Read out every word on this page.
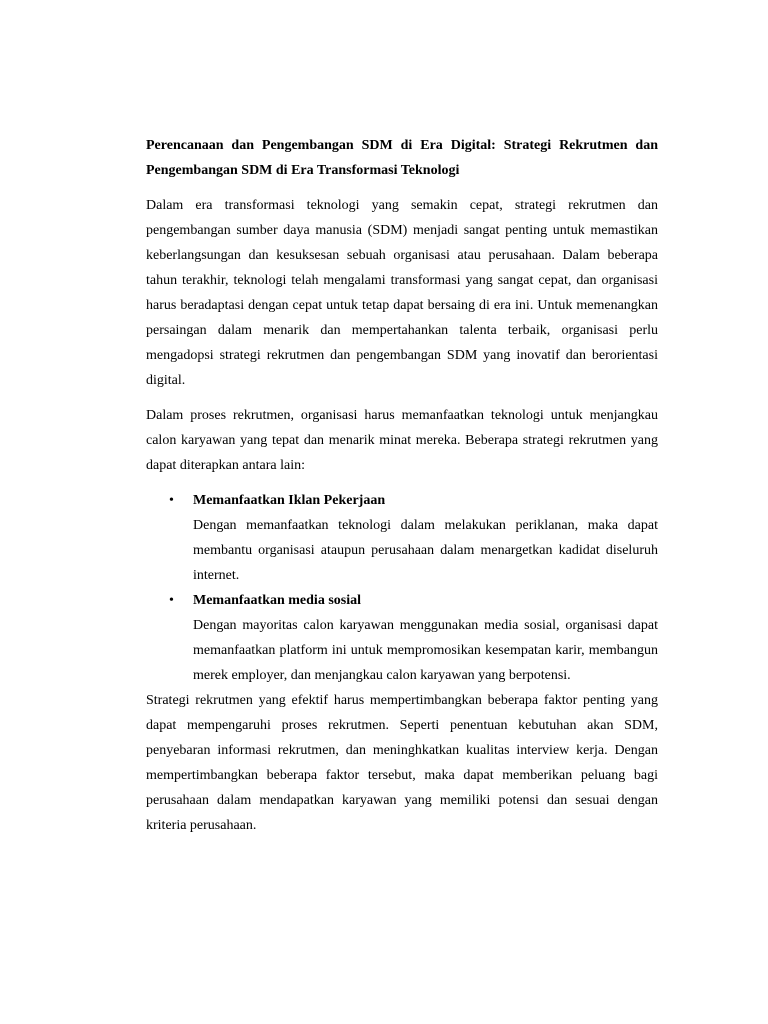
Perencanaan dan Pengembangan SDM di Era Digital: Strategi Rekrutmen dan Pengembangan SDM di Era Transformasi Teknologi

Dalam era transformasi teknologi yang semakin cepat, strategi rekrutmen dan pengembangan sumber daya manusia (SDM) menjadi sangat penting untuk memastikan keberlangsungan dan kesuksesan sebuah organisasi atau perusahaan. Dalam beberapa tahun terakhir, teknologi telah mengalami transformasi yang sangat cepat, dan organisasi harus beradaptasi dengan cepat untuk tetap dapat bersaing di era ini. Untuk memenangkan persaingan dalam menarik dan mempertahankan talenta terbaik, organisasi perlu mengadopsi strategi rekrutmen dan pengembangan SDM yang inovatif dan berorientasi digital.

Dalam proses rekrutmen, organisasi harus memanfaatkan teknologi untuk menjangkau calon karyawan yang tepat dan menarik minat mereka. Beberapa strategi rekrutmen yang dapat diterapkan antara lain:

• Memanfaatkan Iklan Pekerjaan
Dengan memanfaatkan teknologi dalam melakukan periklanan, maka dapat membantu organisasi ataupun perusahaan dalam menargetkan kadidat diseluruh internet.
• Memanfaatkan media sosial
Dengan mayoritas calon karyawan menggunakan media sosial, organisasi dapat memanfaatkan platform ini untuk mempromosikan kesempatan karir, membangun merek employer, dan menjangkau calon karyawan yang berpotensi.

Strategi rekrutmen yang efektif harus mempertimbangkan beberapa faktor penting yang dapat mempengaruhi proses rekrutmen. Seperti penentuan kebutuhan akan SDM, penyebaran informasi rekrutmen, dan meninghkatkan kualitas interview kerja. Dengan mempertimbangkan beberapa faktor tersebut, maka dapat memberikan peluang bagi perusahaan dalam mendapatkan karyawan yang memiliki potensi dan sesuai dengan kriteria perusahaan.
